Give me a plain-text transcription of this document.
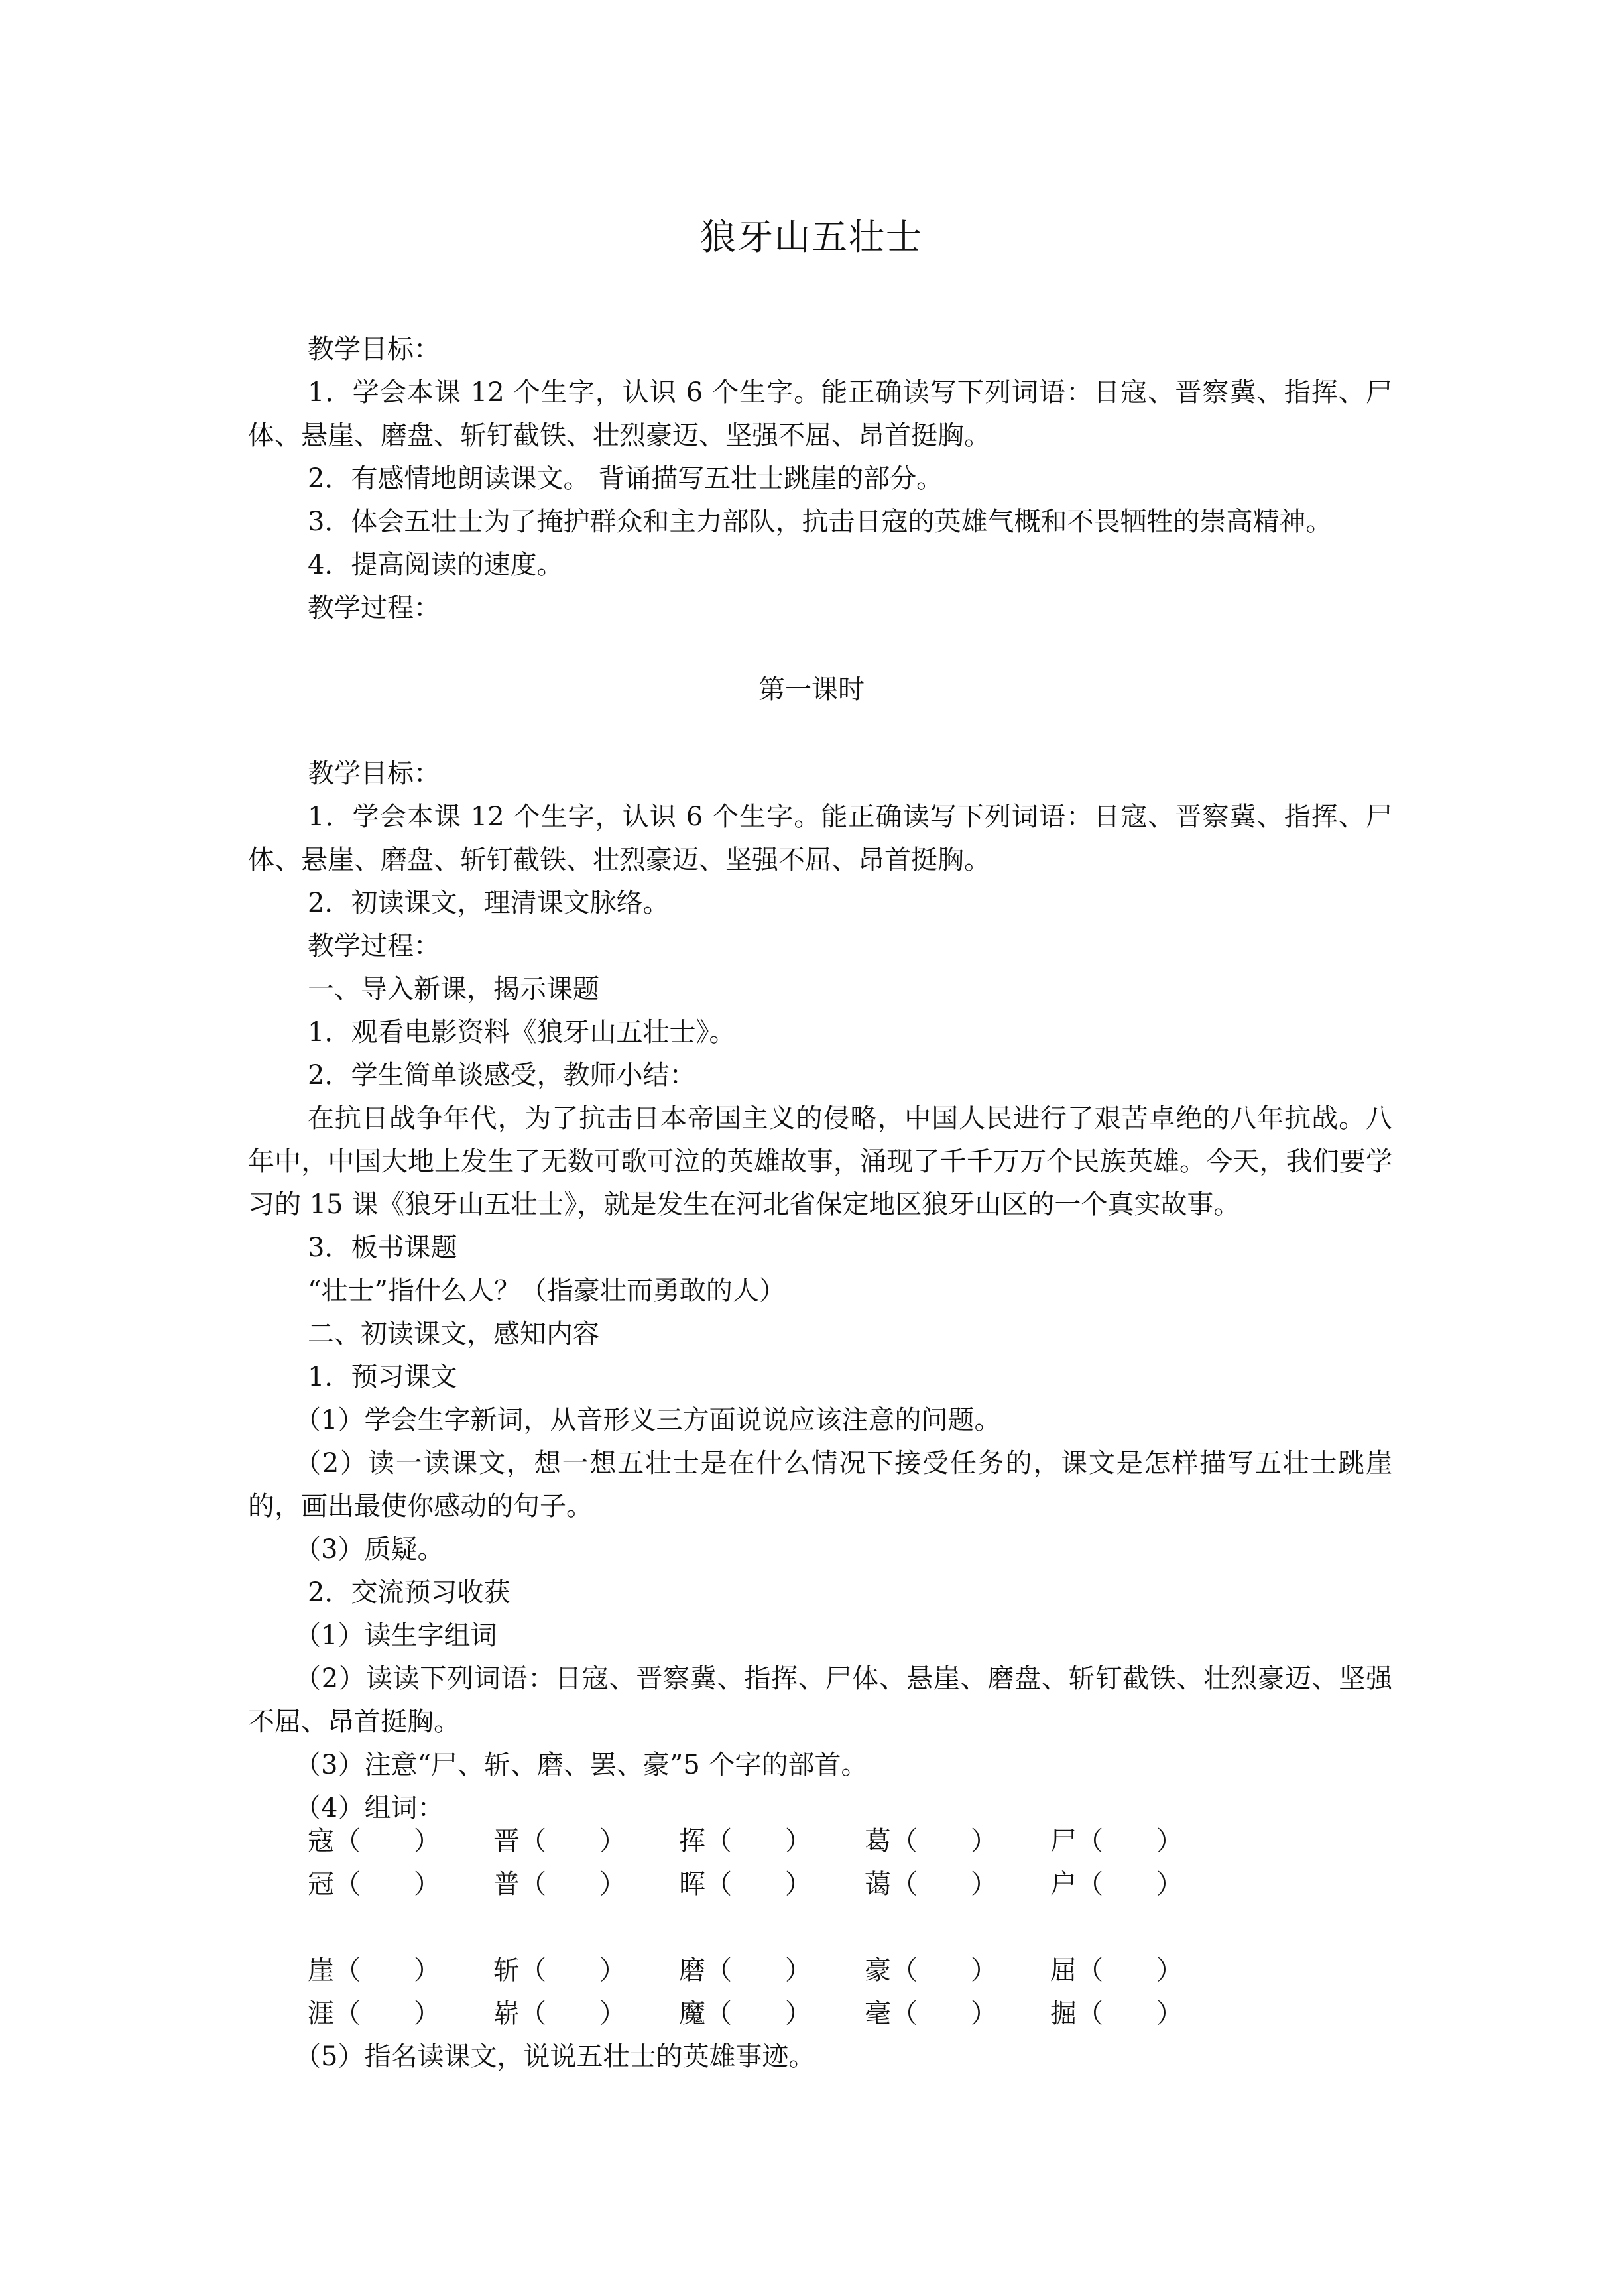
狼牙山五壮士

教学目标：

1．学会本课 12 个生字，认识 6 个生字。能正确读写下列词语：日寇、晋察冀、指挥、尸体、悬崖、磨盘、斩钉截铁、壮烈豪迈、坚强不屈、昂首挺胸。

2．有感情地朗读课文。 背诵描写五壮士跳崖的部分。

3．体会五壮士为了掩护群众和主力部队，抗击日寇的英雄气概和不畏牺牲的崇高精神。

4．提高阅读的速度。

教学过程：

第一课时

教学目标：

1．学会本课 12 个生字，认识 6 个生字。能正确读写下列词语：日寇、晋察冀、指挥、尸体、悬崖、磨盘、斩钉截铁、壮烈豪迈、坚强不屈、昂首挺胸。

2．初读课文，理清课文脉络。

教学过程：

一、导入新课，揭示课题

1．观看电影资料《狼牙山五壮士》。

2．学生简单谈感受，教师小结：

在抗日战争年代，为了抗击日本帝国主义的侵略，中国人民进行了艰苦卓绝的八年抗战。八年中，中国大地上发生了无数可歌可泣的英雄故事，涌现了千千万万个民族英雄。今天，我们要学习的 15 课《狼牙山五壮士》，就是发生在河北省保定地区狼牙山区的一个真实故事。

3．板书课题

“壮士”指什么人？（指豪壮而勇敢的人）

二、初读课文，感知内容

1．预习课文

（1）学会生字新词，从音形义三方面说说应该注意的问题。

（2）读一读课文，想一想五壮士是在什么情况下接受任务的，课文是怎样描写五壮士跳崖的，画出最使你感动的句子。

（3）质疑。

2．交流预习收获

（1）读生字组词

（2）读读下列词语：日寇、晋察冀、指挥、尸体、悬崖、磨盘、斩钉截铁、壮烈豪迈、坚强不屈、昂首挺胸。

（3）注意“尸、斩、磨、罢、豪”5 个字的部首。

（4）组词：

寇（　　）	晋（　　）	挥（　　）	葛（　　）	尸（　　）
冠（　　）	普（　　）	晖（　　）	蔼（　　）	户（　　）
崖（　　）	斩（　　）	磨（　　）	豪（　　）	屈（　　）
涯（　　）	崭（　　）	魔（　　）	毫（　　）	掘（　　）

（5）指名读课文，说说五壮士的英雄事迹。
